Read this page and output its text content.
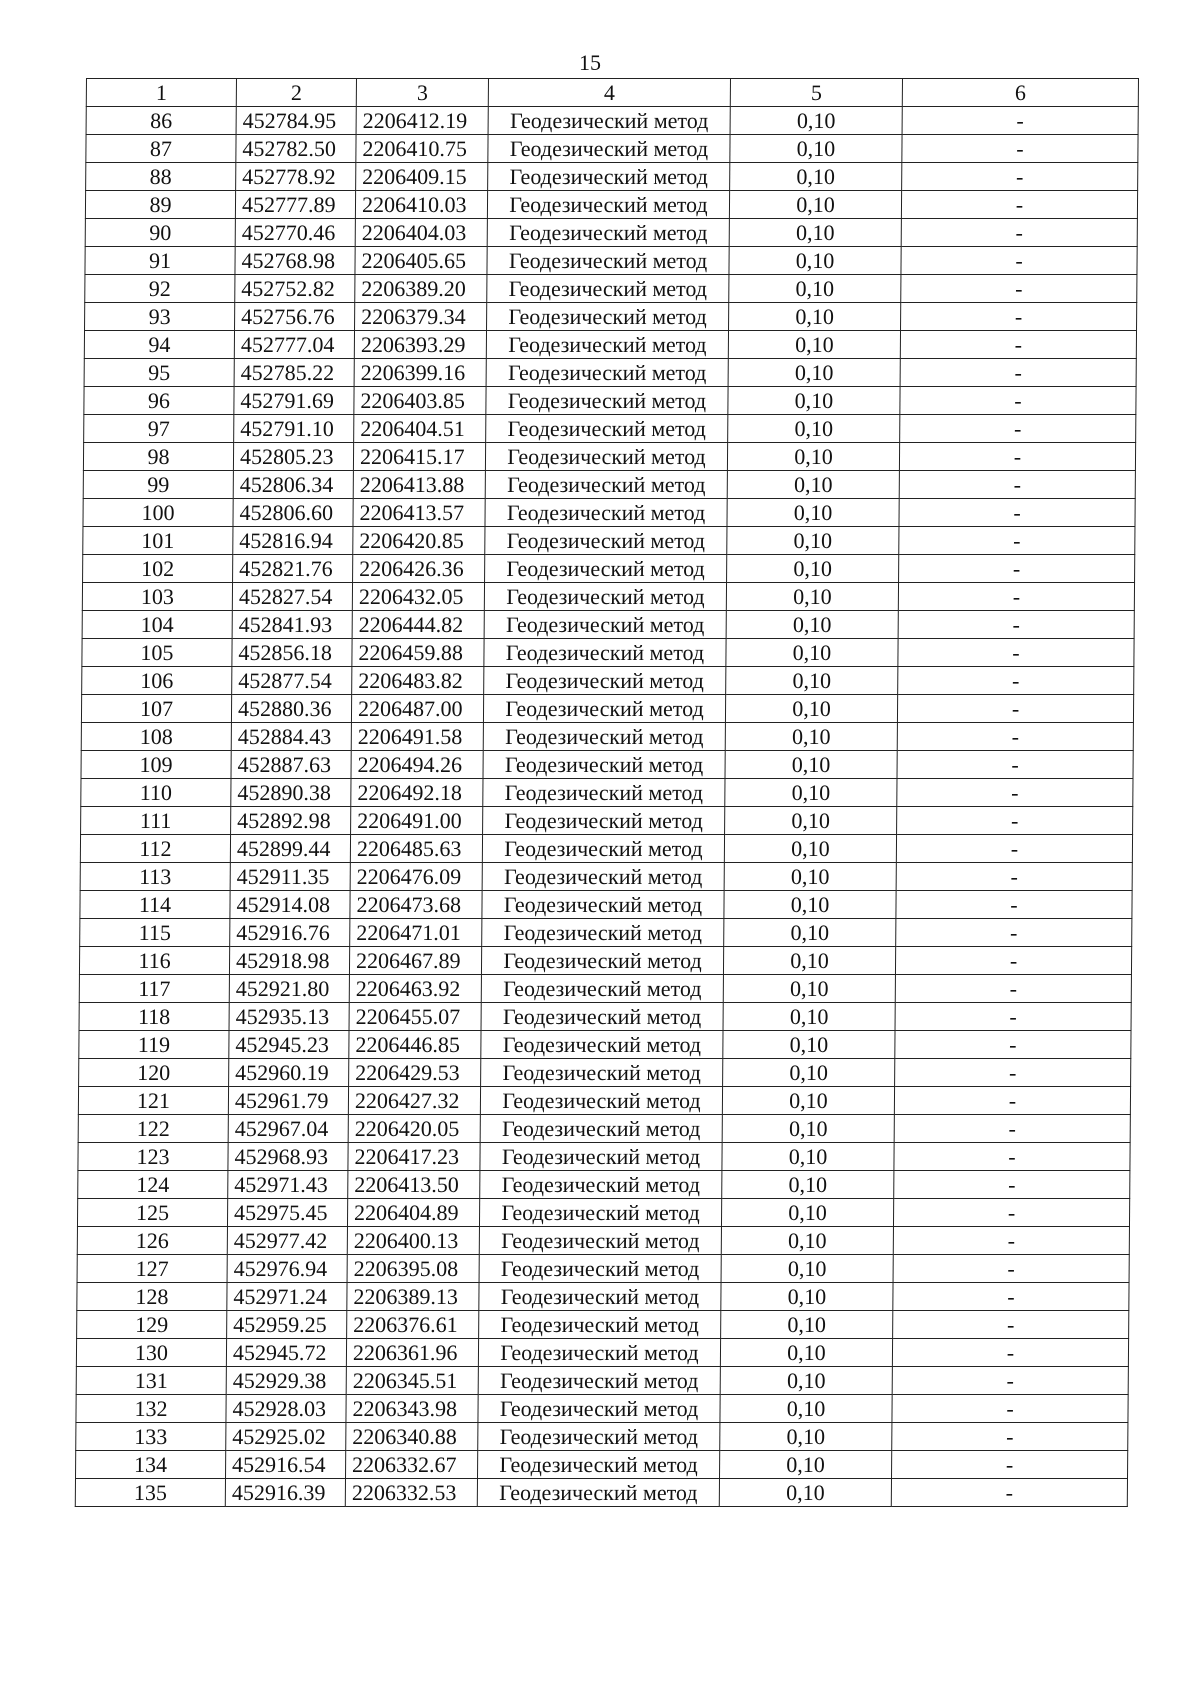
15
1	2	3	4	5	6
86	452784.95	2206412.19	Геодезический метод	0,10	-
87	452782.50	2206410.75	Геодезический метод	0,10	-
88	452778.92	2206409.15	Геодезический метод	0,10	-
89	452777.89	2206410.03	Геодезический метод	0,10	-
90	452770.46	2206404.03	Геодезический метод	0,10	-
91	452768.98	2206405.65	Геодезический метод	0,10	-
92	452752.82	2206389.20	Геодезический метод	0,10	-
93	452756.76	2206379.34	Геодезический метод	0,10	-
94	452777.04	2206393.29	Геодезический метод	0,10	-
95	452785.22	2206399.16	Геодезический метод	0,10	-
96	452791.69	2206403.85	Геодезический метод	0,10	-
97	452791.10	2206404.51	Геодезический метод	0,10	-
98	452805.23	2206415.17	Геодезический метод	0,10	-
99	452806.34	2206413.88	Геодезический метод	0,10	-
100	452806.60	2206413.57	Геодезический метод	0,10	-
101	452816.94	2206420.85	Геодезический метод	0,10	-
102	452821.76	2206426.36	Геодезический метод	0,10	-
103	452827.54	2206432.05	Геодезический метод	0,10	-
104	452841.93	2206444.82	Геодезический метод	0,10	-
105	452856.18	2206459.88	Геодезический метод	0,10	-
106	452877.54	2206483.82	Геодезический метод	0,10	-
107	452880.36	2206487.00	Геодезический метод	0,10	-
108	452884.43	2206491.58	Геодезический метод	0,10	-
109	452887.63	2206494.26	Геодезический метод	0,10	-
110	452890.38	2206492.18	Геодезический метод	0,10	-
111	452892.98	2206491.00	Геодезический метод	0,10	-
112	452899.44	2206485.63	Геодезический метод	0,10	-
113	452911.35	2206476.09	Геодезический метод	0,10	-
114	452914.08	2206473.68	Геодезический метод	0,10	-
115	452916.76	2206471.01	Геодезический метод	0,10	-
116	452918.98	2206467.89	Геодезический метод	0,10	-
117	452921.80	2206463.92	Геодезический метод	0,10	-
118	452935.13	2206455.07	Геодезический метод	0,10	-
119	452945.23	2206446.85	Геодезический метод	0,10	-
120	452960.19	2206429.53	Геодезический метод	0,10	-
121	452961.79	2206427.32	Геодезический метод	0,10	-
122	452967.04	2206420.05	Геодезический метод	0,10	-
123	452968.93	2206417.23	Геодезический метод	0,10	-
124	452971.43	2206413.50	Геодезический метод	0,10	-
125	452975.45	2206404.89	Геодезический метод	0,10	-
126	452977.42	2206400.13	Геодезический метод	0,10	-
127	452976.94	2206395.08	Геодезический метод	0,10	-
128	452971.24	2206389.13	Геодезический метод	0,10	-
129	452959.25	2206376.61	Геодезический метод	0,10	-
130	452945.72	2206361.96	Геодезический метод	0,10	-
131	452929.38	2206345.51	Геодезический метод	0,10	-
132	452928.03	2206343.98	Геодезический метод	0,10	-
133	452925.02	2206340.88	Геодезический метод	0,10	-
134	452916.54	2206332.67	Геодезический метод	0,10	-
135	452916.39	2206332.53	Геодезический метод	0,10	-
